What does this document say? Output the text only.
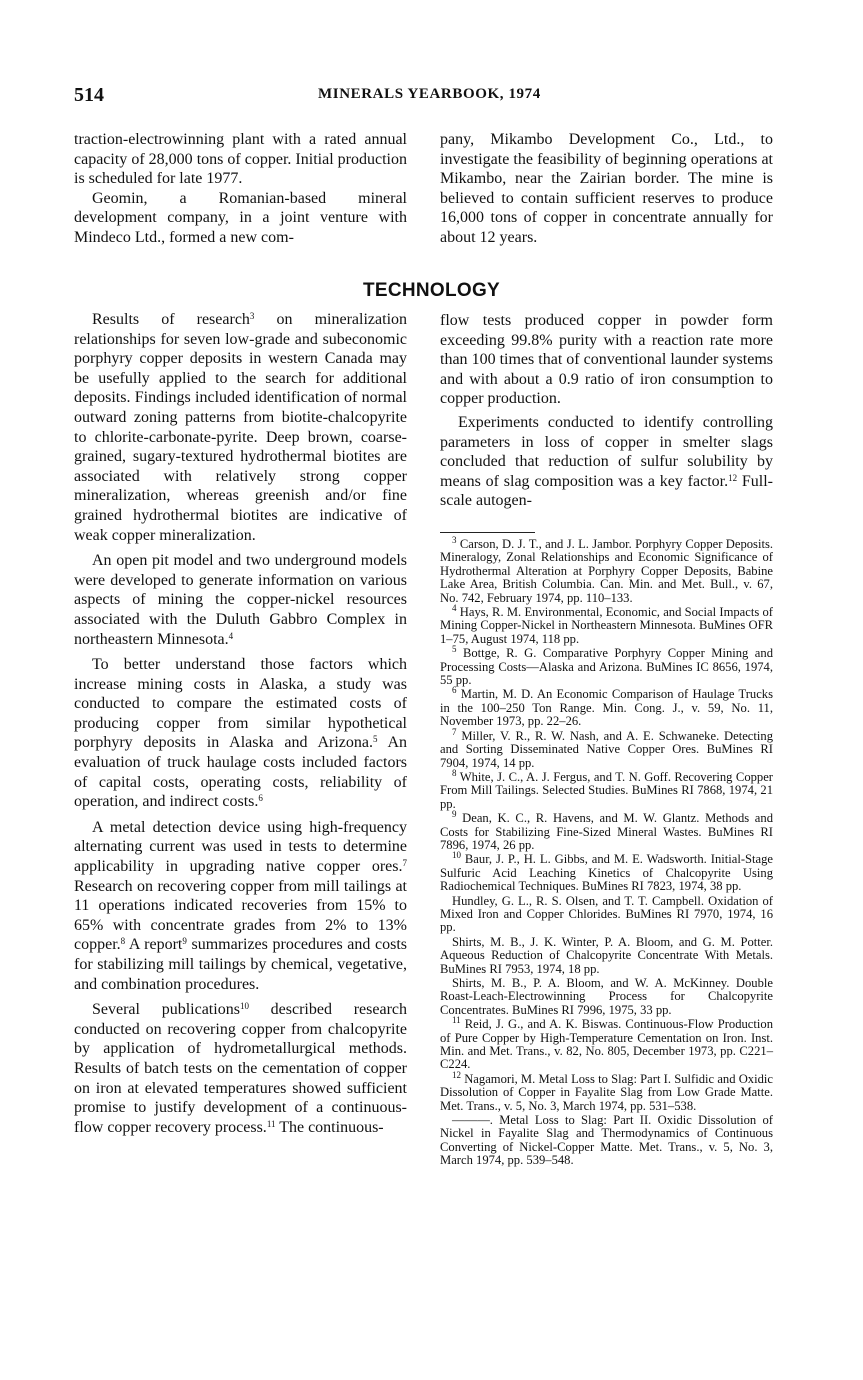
514	MINERALS YEARBOOK, 1974

traction-electrowinning plant with a rated annual capacity of 28,000 tons of copper. Initial production is scheduled for late 1977.

Geomin, a Romanian-based mineral development company, in a joint venture with Mindeco Ltd., formed a new com-

pany, Mikambo Development Co., Ltd., to investigate the feasibility of beginning operations at Mikambo, near the Zairian border. The mine is believed to contain sufficient reserves to produce 16,000 tons of copper in concentrate annually for about 12 years.

TECHNOLOGY

Results of research$^3$ on mineralization relationships for seven low-grade and subeconomic porphyry copper deposits in western Canada may be usefully applied to the search for additional deposits. Findings included identification of normal outward zoning patterns from biotite-chalcopyrite to chlorite-carbonate-pyrite. Deep brown, coarse-grained, sugary-textured hydrothermal biotites are associated with relatively strong copper mineralization, whereas greenish and/or fine grained hydrothermal biotites are indicative of weak copper mineralization.

An open pit model and two underground models were developed to generate information on various aspects of mining the copper-nickel resources associated with the Duluth Gabbro Complex in northeastern Minnesota.$^4$

To better understand those factors which increase mining costs in Alaska, a study was conducted to compare the estimated costs of producing copper from similar hypothetical porphyry deposits in Alaska and Arizona.$^5$ An evaluation of truck haulage costs included factors of capital costs, operating costs, reliability of operation, and indirect costs.$^6$

A metal detection device using high-frequency alternating current was used in tests to determine applicability in upgrading native copper ores.$^7$ Research on recovering copper from mill tailings at 11 operations indicated recoveries from 15% to 65% with concentrate grades from 2% to 13% copper.$^8$ A report$^9$ summarizes procedures and costs for stabilizing mill tailings by chemical, vegetative, and combination procedures.

Several publications$^{10}$ described research conducted on recovering copper from chalcopyrite by application of hydrometallurgical methods. Results of batch tests on the cementation of copper on iron at elevated temperatures showed sufficient promise to justify development of a continuous-flow copper recovery process.$^{11}$ The continuous-

flow tests produced copper in powder form exceeding 99.8% purity with a reaction rate more than 100 times that of conventional launder systems and with about a 0.9 ratio of iron consumption to copper production.

Experiments conducted to identify controlling parameters in loss of copper in smelter slags concluded that reduction of sulfur solubility by means of slag composition was a key factor.$^{12}$ Full-scale autogen-

$^3$ Carson, D. J. T., and J. L. Jambor. Porphyry Copper Deposits. Mineralogy, Zonal Relationships and Economic Significance of Hydrothermal Alteration at Porphyry Copper Deposits, Babine Lake Area, British Columbia. Can. Min. and Met. Bull., v. 67, No. 742, February 1974, pp. 110–133.

$^4$ Hays, R. M. Environmental, Economic, and Social Impacts of Mining Copper-Nickel in Northeastern Minnesota. BuMines OFR 1–75, August 1974, 118 pp.

$^5$ Bottge, R. G. Comparative Porphyry Copper Mining and Processing Costs—Alaska and Arizona. BuMines IC 8656, 1974, 55 pp.

$^6$ Martin, M. D. An Economic Comparison of Haulage Trucks in the 100–250 Ton Range. Min. Cong. J., v. 59, No. 11, November 1973, pp. 22–26.

$^7$ Miller, V. R., R. W. Nash, and A. E. Schwaneke. Detecting and Sorting Disseminated Native Copper Ores. BuMines RI 7904, 1974, 14 pp.

$^8$ White, J. C., A. J. Fergus, and T. N. Goff. Recovering Copper From Mill Tailings. Selected Studies. BuMines RI 7868, 1974, 21 pp.

$^9$ Dean, K. C., R. Havens, and M. W. Glantz. Methods and Costs for Stabilizing Fine-Sized Mineral Wastes. BuMines RI 7896, 1974, 26 pp.

$^{10}$ Baur, J. P., H. L. Gibbs, and M. E. Wadsworth. Initial-Stage Sulfuric Acid Leaching Kinetics of Chalcopyrite Using Radiochemical Techniques. BuMines RI 7823, 1974, 38 pp.

Hundley, G. L., R. S. Olsen, and T. T. Campbell. Oxidation of Mixed Iron and Copper Chlorides. BuMines RI 7970, 1974, 16 pp.

Shirts, M. B., J. K. Winter, P. A. Bloom, and G. M. Potter. Aqueous Reduction of Chalcopyrite Concentrate With Metals. BuMines RI 7953, 1974, 18 pp.

Shirts, M. B., P. A. Bloom, and W. A. McKinney. Double Roast-Leach-Electrowinning Process for Chalcopyrite Concentrates. BuMines RI 7996, 1975, 33 pp.

$^{11}$ Reid, J. G., and A. K. Biswas. Continuous-Flow Production of Pure Copper by High-Temperature Cementation on Iron. Inst. Min. and Met. Trans., v. 82, No. 805, December 1973, pp. C221–C224.

$^{12}$ Nagamori, M. Metal Loss to Slag: Part I. Sulfidic and Oxidic Dissolution of Copper in Fayalite Slag from Low Grade Matte. Met. Trans., v. 5, No. 3, March 1974, pp. 531–538.

———. Metal Loss to Slag: Part II. Oxidic Dissolution of Nickel in Fayalite Slag and Thermodynamics of Continuous Converting of Nickel-Copper Matte. Met. Trans., v. 5, No. 3, March 1974, pp. 539–548.
